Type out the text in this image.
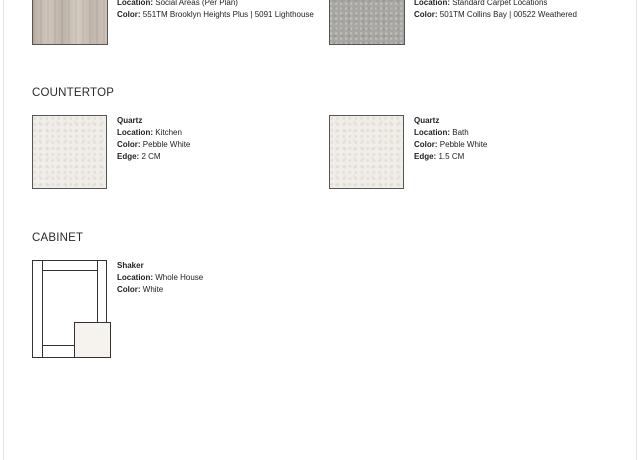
Location: Social Areas (Per Plan)
Color: 551TM Brooklyn Heights Plus | 5091 Lighthouse
Location: Standard Carpet Locations
Color: 501TM Collins Bay | 00522 Weathered
COUNTERTOP
Quartz
Location: Kitchen
Color: Pebble White
Edge: 2 CM
Quartz
Location: Bath
Color: Pebble White
Edge: 1.5 CM
CABINET
Shaker
Location: Whole House
Color: White
